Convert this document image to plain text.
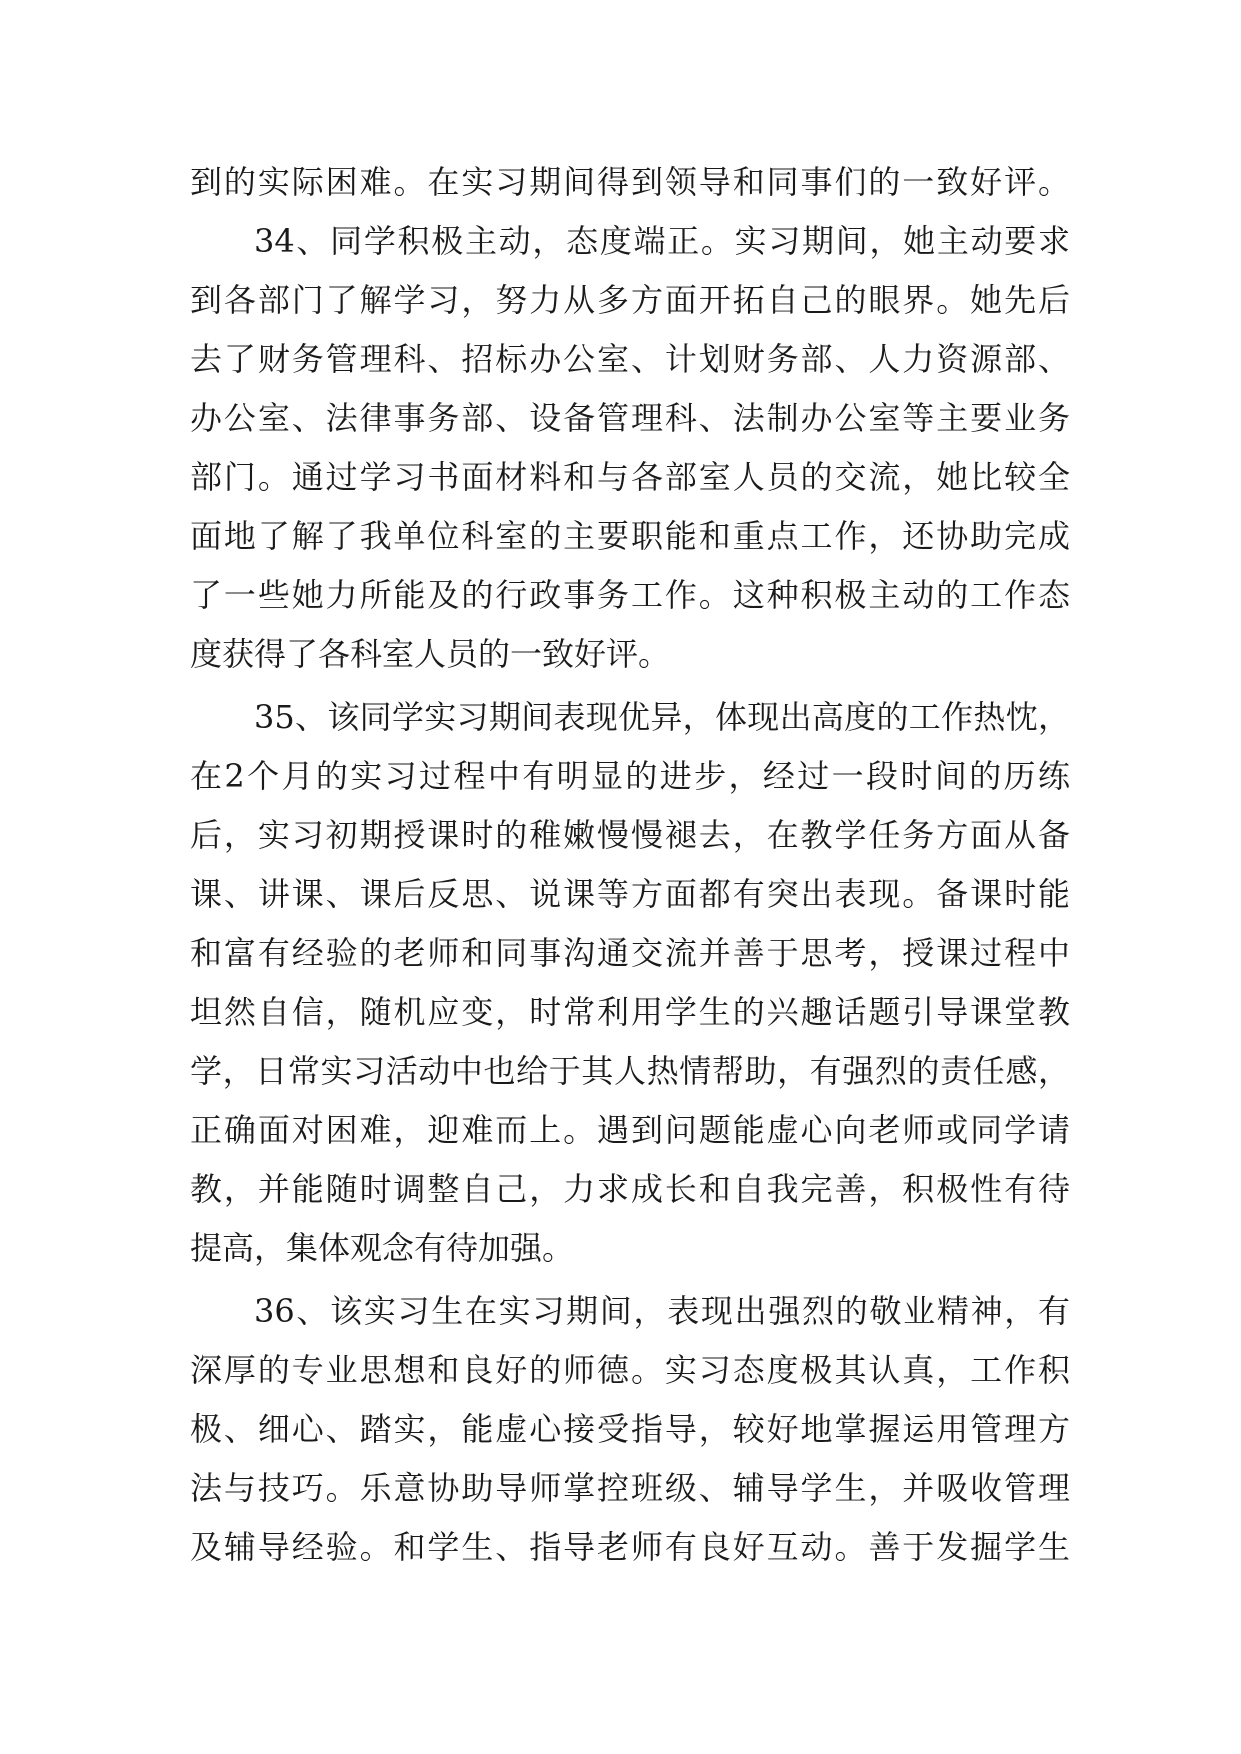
到的实际困难。在实习期间得到领导和同事们的一致好评。
34、同学积极主动，态度端正。实习期间，她主动要求
到各部门了解学习，努力从多方面开拓自己的眼界。她先后
去了财务管理科、招标办公室、计划财务部、人力资源部、
办公室、法律事务部、设备管理科、法制办公室等主要业务
部门。通过学习书面材料和与各部室人员的交流，她比较全
面地了解了我单位科室的主要职能和重点工作，还协助完成
了一些她力所能及的行政事务工作。这种积极主动的工作态
度获得了各科室人员的一致好评。
35、该同学实习期间表现优异，体现出高度的工作热忱，
在2个月的实习过程中有明显的进步，经过一段时间的历练
后，实习初期授课时的稚嫩慢慢褪去，在教学任务方面从备
课、讲课、课后反思、说课等方面都有突出表现。备课时能
和富有经验的老师和同事沟通交流并善于思考，授课过程中
坦然自信，随机应变，时常利用学生的兴趣话题引导课堂教
学，日常实习活动中也给于其人热情帮助，有强烈的责任感，
正确面对困难，迎难而上。遇到问题能虚心向老师或同学请
教，并能随时调整自己，力求成长和自我完善，积极性有待
提高，集体观念有待加强。
36、该实习生在实习期间，表现出强烈的敬业精神，有
深厚的专业思想和良好的师德。实习态度极其认真，工作积
极、细心、踏实，能虚心接受指导，较好地掌握运用管理方
法与技巧。乐意协助导师掌控班级、辅导学生，并吸收管理
及辅导经验。和学生、指导老师有良好互动。善于发掘学生
